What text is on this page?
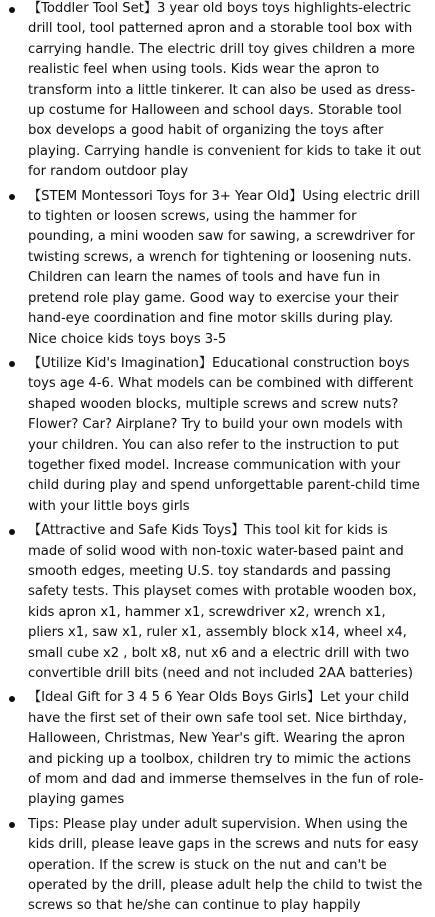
【Toddler Tool Set】3 year old boys toys highlights-electric drill tool, tool patterned apron and a storable tool box with carrying handle. The electric drill toy gives children a more realistic feel when using tools. Kids wear the apron to transform into a little tinkerer. It can also be used as dress-up costume for Halloween and school days. Storable tool box develops a good habit of organizing the toys after playing. Carrying handle is convenient for kids to take it out for random outdoor play
【STEM Montessori Toys for 3+ Year Old】Using electric drill to tighten or loosen screws, using the hammer for pounding, a mini wooden saw for sawing, a screwdriver for twisting screws, a wrench for tightening or loosening nuts. Children can learn the names of tools and have fun in pretend role play game. Good way to exercise your their hand-eye coordination and fine motor skills during play. Nice choice kids toys boys 3-5
【Utilize Kid's Imagination】Educational construction boys toys age 4-6. What models can be combined with different shaped wooden blocks, multiple screws and screw nuts? Flower? Car? Airplane? Try to build your own models with your children. You can also refer to the instruction to put together fixed model. Increase communication with your child during play and spend unforgettable parent-child time with your little boys girls
【Attractive and Safe Kids Toys】This tool kit for kids is made of solid wood with non-toxic water-based paint and smooth edges, meeting U.S. toy standards and passing safety tests. This playset comes with protable wooden box, kids apron x1, hammer x1, screwdriver x2, wrench x1, pliers x1, saw x1, ruler x1, assembly block x14, wheel x4, small cube x2 , bolt x8, nut x6 and a electric drill with two convertible drill bits (need and not included 2AA batteries)
【Ideal Gift for 3 4 5 6 Year Olds Boys Girls】Let your child have the first set of their own safe tool set. Nice birthday, Halloween, Christmas, New Year's gift. Wearing the apron and picking up a toolbox, children try to mimic the actions of mom and dad and immerse themselves in the fun of role-playing games
Tips: Please play under adult supervision. When using the kids drill, please leave gaps in the screws and nuts for easy operation. If the screw is stuck on the nut and can't be operated by the drill, please adult help the child to twist the screws so that he/she can continue to play happily
